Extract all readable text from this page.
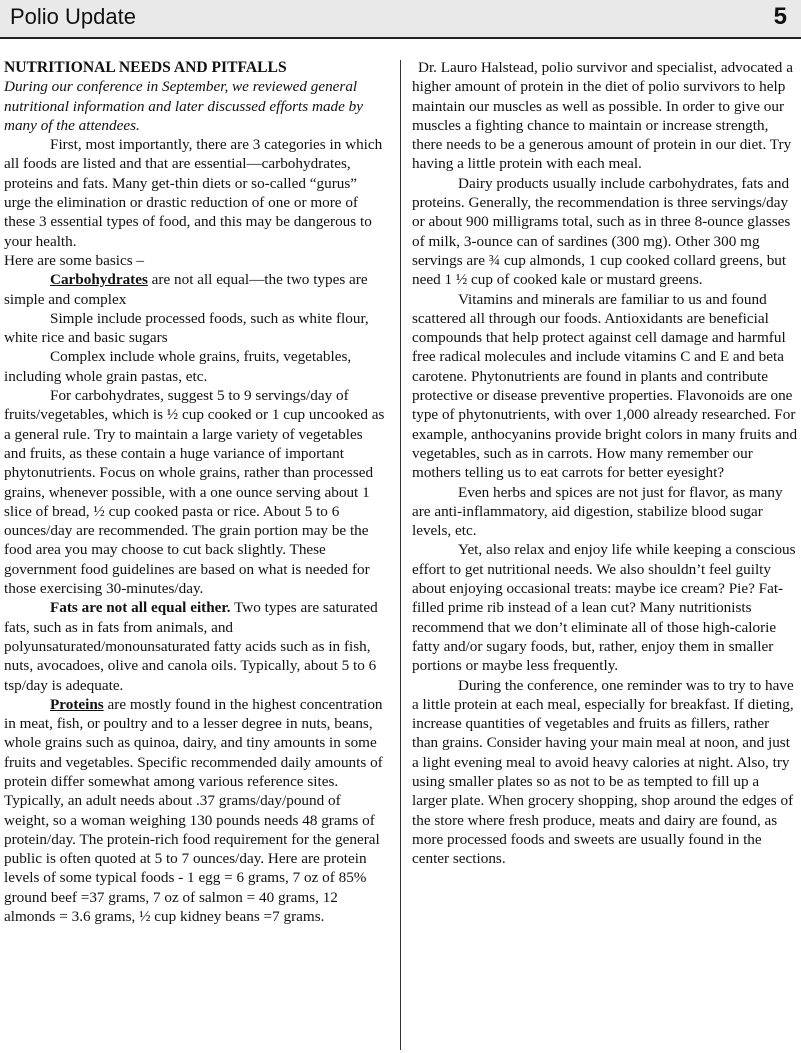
Polio Update	5

NUTRITIONAL NEEDS AND PITFALLS

During our conference in September, we reviewed general nutritional information and later discussed efforts made by many of the attendees.

First, most importantly, there are 3 categories in which all foods are listed and that are essential—carbohydrates, proteins and fats. Many get-thin diets or so-called “gurus” urge the elimination or drastic reduction of one or more of these 3 essential types of food, and this may be dangerous to your health.

Here are some basics –

Carbohydrates are not all equal—the two types are simple and complex

Simple include processed foods, such as white flour, white rice and basic sugars

Complex include whole grains, fruits, vegetables, including whole grain pastas, etc.

For carbohydrates, suggest 5 to 9 servings/day of fruits/vegetables, which is ½ cup cooked or 1 cup uncooked as a general rule. Try to maintain a large variety of vegetables and fruits, as these contain a huge variance of important phytonutrients. Focus on whole grains, rather than processed grains, whenever possible, with a one ounce serving about 1 slice of bread, ½ cup cooked pasta or rice. About 5 to 6 ounces/day are recommended. The grain portion may be the food area you may choose to cut back slightly. These government food guidelines are based on what is needed for those exercising 30-minutes/day.

Fats are not all equal either. Two types are saturated fats, such as in fats from animals, and polyunsaturated/monounsaturated fatty acids such as in fish, nuts, avocadoes, olive and canola oils. Typically, about 5 to 6 tsp/day is adequate.

Proteins are mostly found in the highest concentration in meat, fish, or poultry and to a lesser degree in nuts, beans, whole grains such as quinoa, dairy, and tiny amounts in some fruits and vegetables. Specific recommended daily amounts of protein differ somewhat among various reference sites. Typically, an adult needs about .37 grams/day/pound of weight, so a woman weighing 130 pounds needs 48 grams of protein/day. The protein-rich food requirement for the general public is often quoted at 5 to 7 ounces/day. Here are protein levels of some typical foods - 1 egg = 6 grams, 7 oz of 85% ground beef =37 grams, 7 oz of salmon = 40 grams, 12 almonds = 3.6 grams, ½ cup kidney beans =7 grams.

Dr. Lauro Halstead, polio survivor and specialist, advocated a higher amount of protein in the diet of polio survivors to help maintain our muscles as well as possible. In order to give our muscles a fighting chance to maintain or increase strength, there needs to be a generous amount of protein in our diet. Try having a little protein with each meal.

Dairy products usually include carbohydrates, fats and proteins. Generally, the recommendation is three servings/day or about 900 milligrams total, such as in three 8-ounce glasses of milk, 3-ounce can of sardines (300 mg). Other 300 mg servings are ¾ cup almonds, 1 cup cooked collard greens, but need 1 ½ cup of cooked kale or mustard greens.

Vitamins and minerals are familiar to us and found scattered all through our foods. Antioxidants are beneficial compounds that help protect against cell damage and harmful free radical molecules and include vitamins C and E and beta carotene. Phytonutrients are found in plants and contribute protective or disease preventive properties. Flavonoids are one type of phytonutrients, with over 1,000 already researched. For example, anthocyanins provide bright colors in many fruits and vegetables, such as in carrots. How many remember our mothers telling us to eat carrots for better eyesight?

Even herbs and spices are not just for flavor, as many are anti-inflammatory, aid digestion, stabilize blood sugar levels, etc.

Yet, also relax and enjoy life while keeping a conscious effort to get nutritional needs. We also shouldn’t feel guilty about enjoying occasional treats: maybe ice cream? Pie? Fat-filled prime rib instead of a lean cut? Many nutritionists recommend that we don’t eliminate all of those high-calorie fatty and/or sugary foods, but, rather, enjoy them in smaller portions or maybe less frequently.

During the conference, one reminder was to try to have a little protein at each meal, especially for breakfast. If dieting, increase quantities of vegetables and fruits as fillers, rather than grains. Consider having your main meal at noon, and just a light evening meal to avoid heavy calories at night. Also, try using smaller plates so as not to be as tempted to fill up a larger plate. When grocery shopping, shop around the edges of the store where fresh produce, meats and dairy are found, as more processed foods and sweets are usually found in the center sections.
